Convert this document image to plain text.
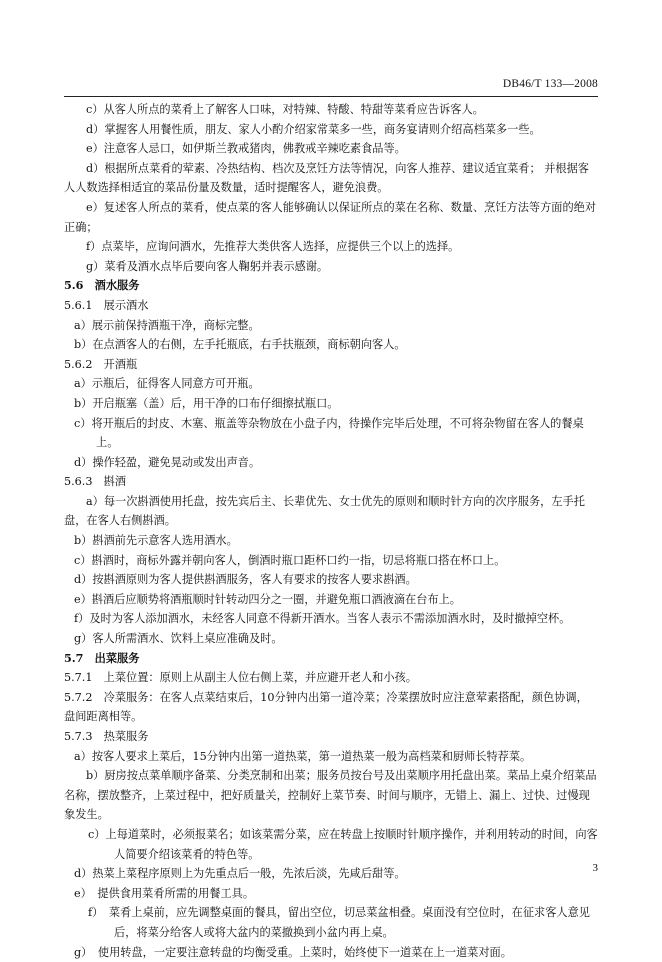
DB46/T 133—2008

c）从客人所点的菜肴上了解客人口味，对特辣、特酸、特甜等菜肴应告诉客人。

d）掌握客人用餐性质，朋友、家人小酌介绍家常菜多一些，商务宴请则介绍高档菜多一些。

e）注意客人忌口，如伊斯兰教戒猪肉，佛教戒辛辣吃素食品等。

d）根据所点菜肴的荤素、冷热结构、档次及烹饪方法等情况，向客人推荐、建议适宜菜肴； 并根据客人人数选择相适宜的菜品份量及数量，适时提醒客人，避免浪费。

e）复述客人所点的菜肴，使点菜的客人能够确认以保证所点的菜在名称、数量、烹饪方法等方面的绝对正确；

f）点菜毕，应询问酒水，先推荐大类供客人选择，应提供三个以上的选择。

g）菜肴及酒水点毕后要向客人鞠躬并表示感谢。

5.6　酒水服务

5.6.1　展示酒水

a）展示前保持酒瓶干净，商标完整。

b）在点酒客人的右侧，左手托瓶底，右手扶瓶颈，商标朝向客人。

5.6.2　开酒瓶

a）示瓶后，征得客人同意方可开瓶。

b）开启瓶塞（盖）后，用干净的口布仔细擦拭瓶口。

c）将开瓶后的封皮、木塞、瓶盖等杂物放在小盘子内，待操作完毕后处理，不可将杂物留在客人的餐桌上。

d）操作轻盈，避免晃动或发出声音。

5.6.3　斟酒

a）每一次斟酒使用托盘，按先宾后主、长辈优先、女士优先的原则和顺时针方向的次序服务，左手托盘，在客人右侧斟酒。

b）斟酒前先示意客人选用酒水。

c）斟酒时，商标外露并朝向客人，倒酒时瓶口距杯口约一指，切忌将瓶口搭在杯口上。

d）按斟酒原则为客人提供斟酒服务，客人有要求的按客人要求斟酒。

e）斟酒后应顺势将酒瓶顺时针转动四分之一圈，并避免瓶口酒液滴在台布上。

f）及时为客人添加酒水，未经客人同意不得新开酒水。当客人表示不需添加酒水时，及时撤掉空杯。

g）客人所需酒水、饮料上桌应准确及时。

5.7　出菜服务

5.7.1　上菜位置：原则上从副主人位右侧上菜，并应避开老人和小孩。

5.7.2　冷菜服务：在客人点菜结束后，10分钟内出第一道冷菜；冷菜摆放时应注意荤素搭配，颜色协调，盘间距离相等。

5.7.3　热菜服务

a）按客人要求上菜后，15分钟内出第一道热菜，第一道热菜一般为高档菜和厨师长特荐菜。

b）厨房按点菜单顺序备菜、分类烹制和出菜；服务员按台号及出菜顺序用托盘出菜。菜品上桌介绍菜品名称，摆放整齐，上菜过程中，把好质量关，控制好上菜节奏、时间与顺序，无错上、漏上、过快、过慢现象发生。

c）上每道菜时，必须报菜名；如该菜需分菜，应在转盘上按顺时针顺序操作，并利用转动的时间，向客人简要介绍该菜肴的特色等。

d）热菜上菜程序原则上为先重点后一般，先浓后淡，先咸后甜等。

e）　提供食用菜肴所需的用餐工具。

f）　菜肴上桌前，应先调整桌面的餐具，留出空位，切忌菜盆相叠。桌面没有空位时，在征求客人意见后，将菜分给客人或将大盆内的菜撤换到小盆内再上桌。

g）　使用转盘，一定要注意转盘的均衡受重。上菜时，始终使下一道菜在上一道菜对面。

3
